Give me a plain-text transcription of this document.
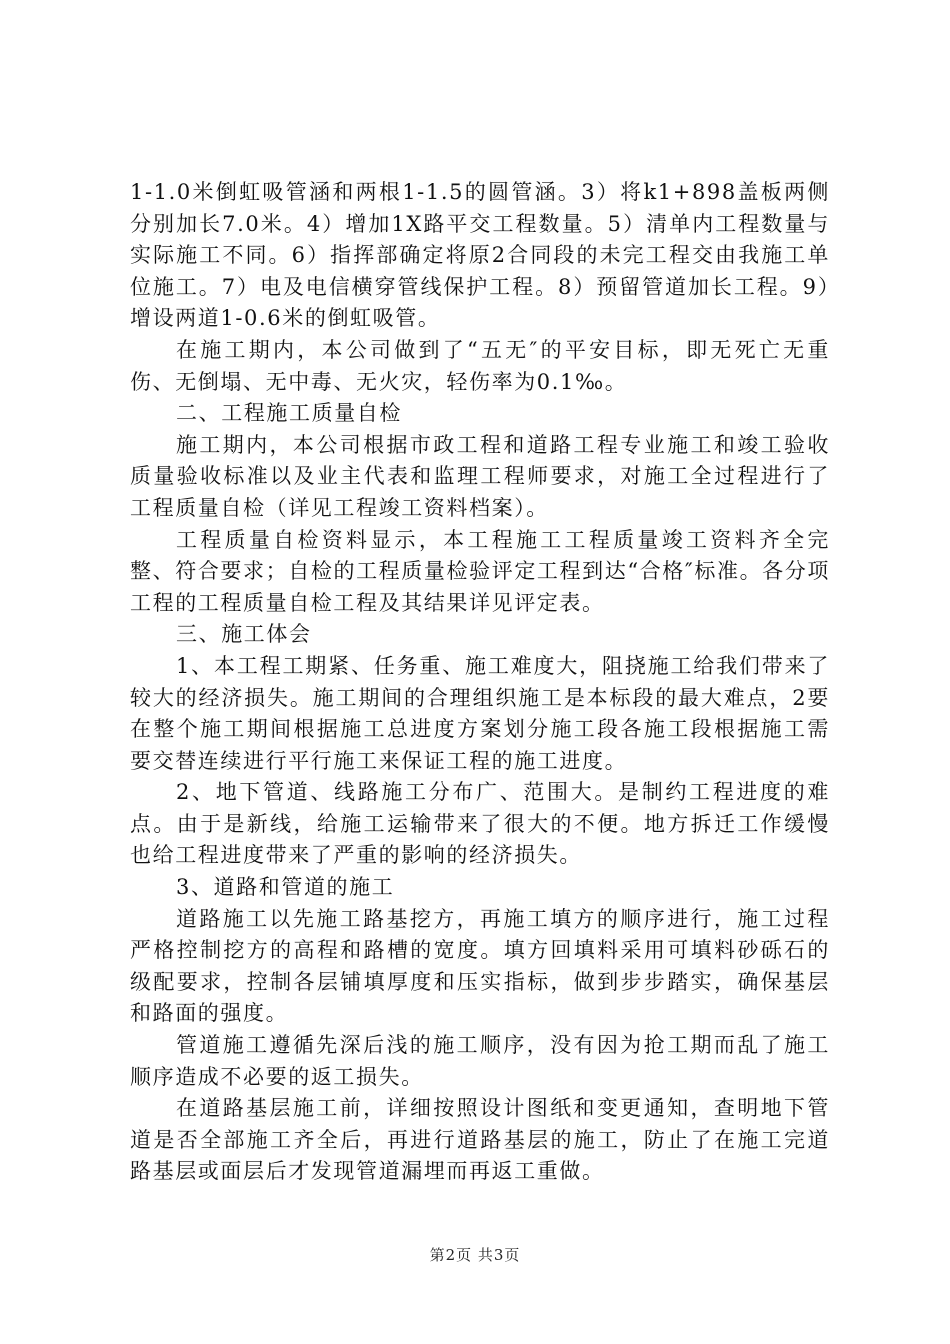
1-1.0米倒虹吸管涵和两根1-1.5的圆管涵。3）将k1+898盖板两侧分别加长7.0米。4）增加1X路平交工程数量。5）清单内工程数量与实际施工不同。6）指挥部确定将原2合同段的未完工程交由我施工单位施工。7）电及电信横穿管线保护工程。8）预留管道加长工程。9）增设两道1-0.6米的倒虹吸管。

在施工期内，本公司做到了“五无″的平安目标，即无死亡无重伤、无倒塌、无中毒、无火灾，轻伤率为0.1‰。

二、工程施工质量自检

施工期内，本公司根据市政工程和道路工程专业施工和竣工验收质量验收标准以及业主代表和监理工程师要求，对施工全过程进行了工程质量自检（详见工程竣工资料档案）。

工程质量自检资料显示，本工程施工工程质量竣工资料齐全完整、符合要求；自检的工程质量检验评定工程到达“合格″标准。各分项工程的工程质量自检工程及其结果详见评定表。

三、施工体会

1、本工程工期紧、任务重、施工难度大，阻挠施工给我们带来了较大的经济损失。施工期间的合理组织施工是本标段的最大难点，2要在整个施工期间根据施工总进度方案划分施工段各施工段根据施工需要交替连续进行平行施工来保证工程的施工进度。

2、地下管道、线路施工分布广、范围大。是制约工程进度的难点。由于是新线，给施工运输带来了很大的不便。地方拆迁工作缓慢也给工程进度带来了严重的影响的经济损失。

3、道路和管道的施工

道路施工以先施工路基挖方，再施工填方的顺序进行，施工过程严格控制挖方的高程和路槽的宽度。填方回填料采用可填料砂砾石的级配要求，控制各层铺填厚度和压实指标，做到步步踏实，确保基层和路面的强度。

管道施工遵循先深后浅的施工顺序，没有因为抢工期而乱了施工顺序造成不必要的返工损失。

在道路基层施工前，详细按照设计图纸和变更通知，查明地下管道是否全部施工齐全后，再进行道路基层的施工，防止了在施工完道路基层或面层后才发现管道漏埋而再返工重做。

第2页 共3页
